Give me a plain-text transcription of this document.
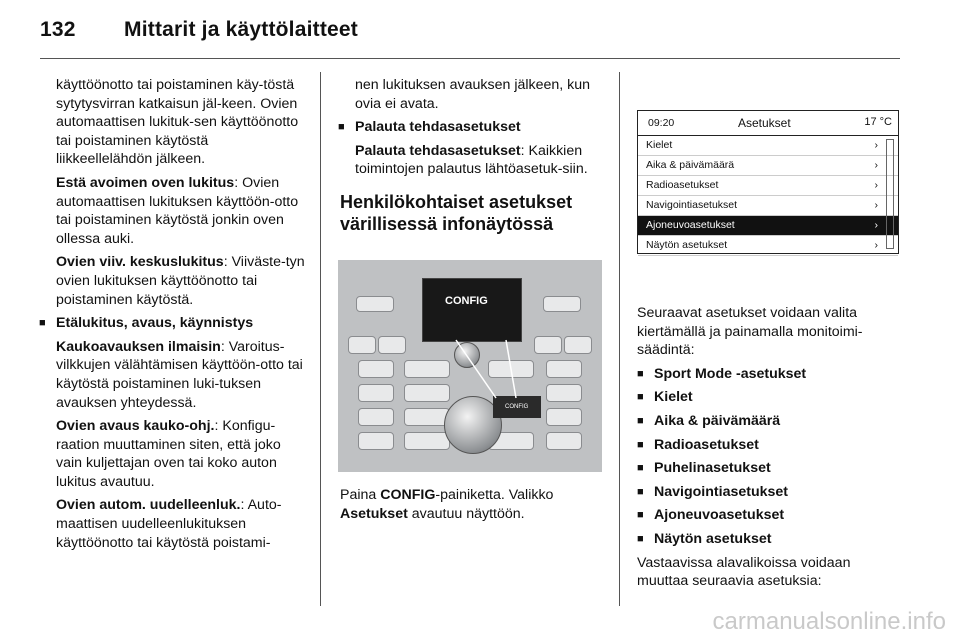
132 Mittarit ja käyttölaitteet

käyttöönotto tai poistaminen käy-töstä sytytysvirran katkaisun jäl-keen. Ovien automaattisen lukituk-sen käyttöönotto tai poistaminen käytöstä liikkeellelähdön jälkeen.

Estä avoimen oven lukitus: Ovien automaattisen lukituksen käyttöön-otto tai poistaminen käytöstä jonkin oven ollessa auki.

Ovien viiv. keskuslukitus: Viiväste-tyn ovien lukituksen käyttöönotto tai poistaminen käytöstä.

■ Etälukitus, avaus, käynnistys

Kaukoavauksen ilmaisin: Varoitus-vilkkujen välähtämisen käyttöön-otto tai käytöstä poistaminen luki-tuksen avauksen yhteydessä.

Ovien avaus kauko-ohj.: Konfigu-raation muuttaminen siten, että joko vain kuljettajan oven tai koko auton lukitus avautuu.

Ovien autom. uudelleenluk.: Auto-maattisen uudelleenlukituksen käyttöönotto tai käytöstä poistami-

nen lukituksen avauksen jälkeen, kun ovia ei avata.

■ Palauta tehdasasetukset

Palauta tehdasasetukset: Kaikkien toimintojen palautus lähtöasetuk-siin.

Henkilökohtaiset asetukset värillisessä infonäytössä
CONFIG
CONFIG

Paina CONFIG-painiketta. Valikko Asetukset avautuu näyttöön.

09:20	Asetukset	17 °C
Kielet	›
Aika & päivämäärä	›
Radioasetukset	›
Navigointiasetukset	›
Ajoneuvoasetukset	›
Näytön asetukset	›

Seuraavat asetukset voidaan valita kiertämällä ja painamalla monitoimi-säädintä:

■ Sport Mode -asetukset
■ Kielet
■ Aika & päivämäärä
■ Radioasetukset
■ Puhelinasetukset
■ Navigointiasetukset
■ Ajoneuvoasetukset
■ Näytön asetukset

Vastaavissa alavalikoissa voidaan muuttaa seuraavia asetuksia:

carmanualsonline.info
